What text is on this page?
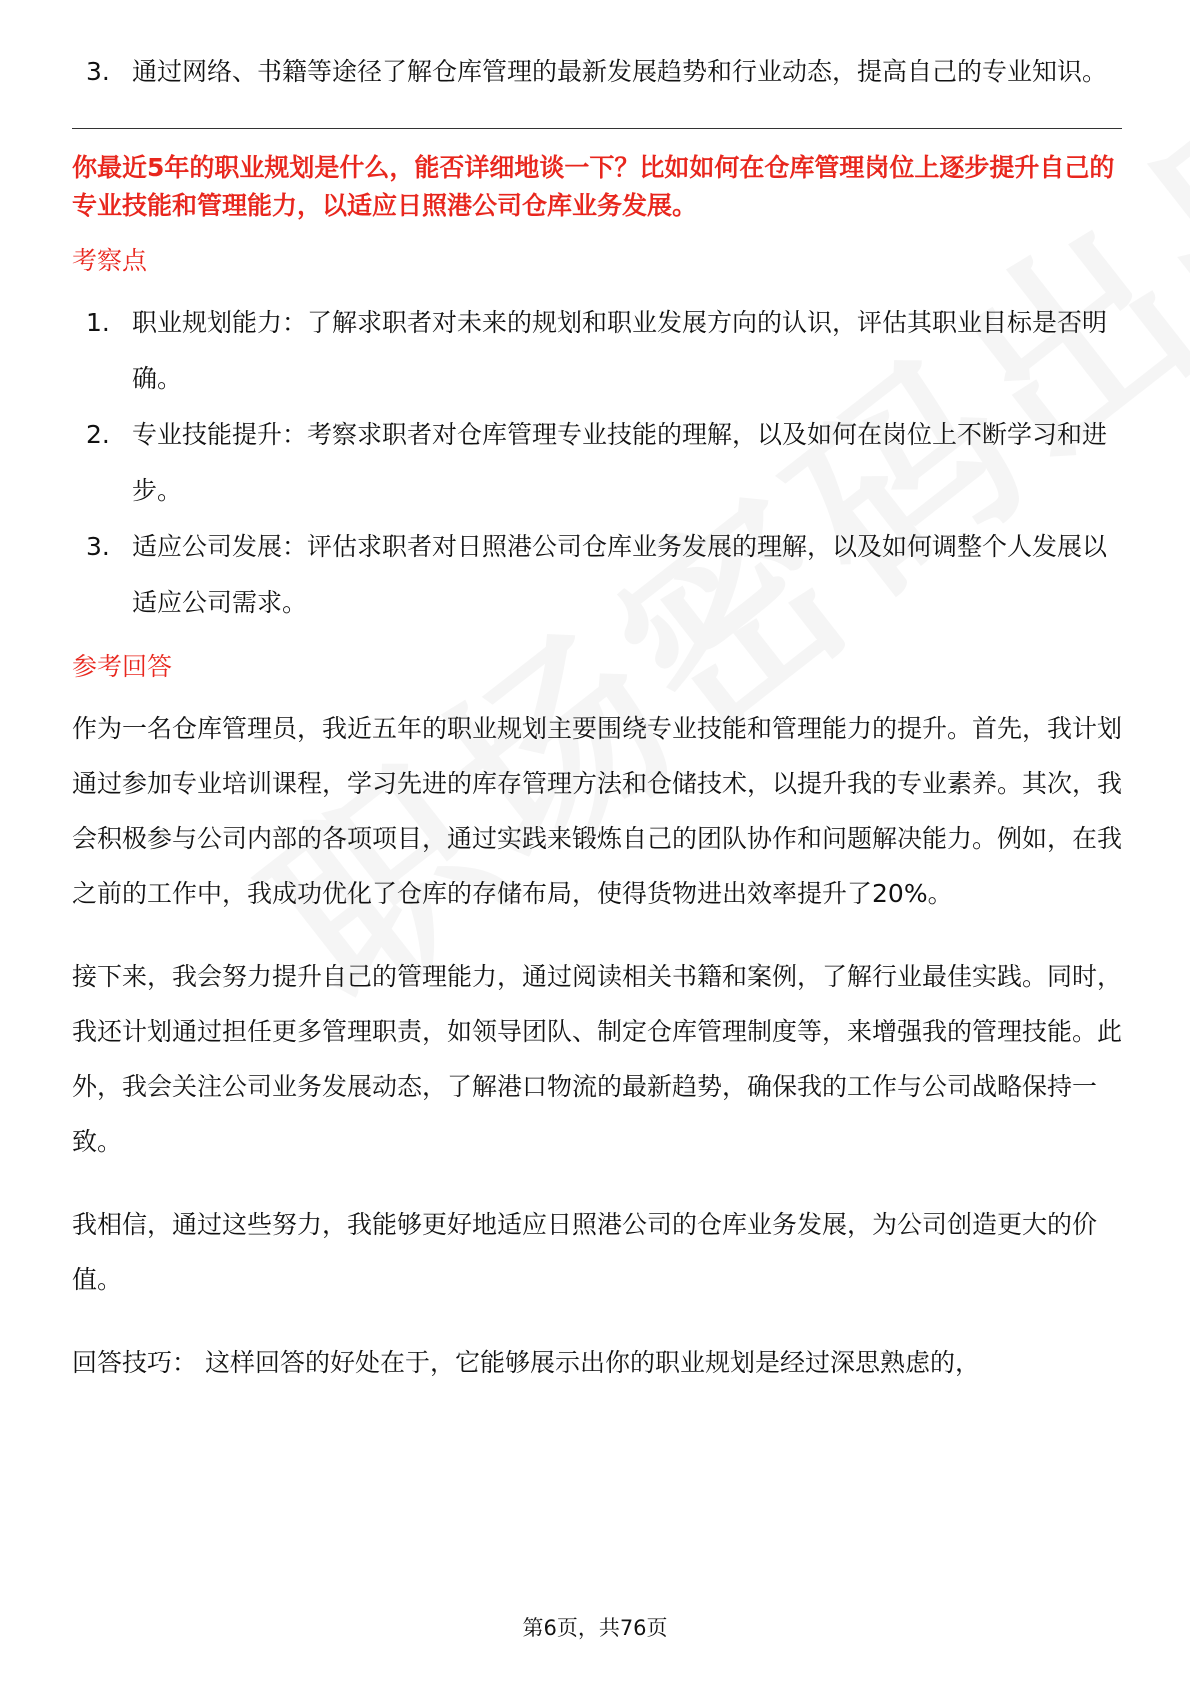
3. 通过网络、书籍等途径了解仓库管理的最新发展趋势和行业动态，提高自己的专业知识。

你最近5年的职业规划是什么，能否详细地谈一下？比如如何在仓库管理岗位上逐步提升自己的专业技能和管理能力，以适应日照港公司仓库业务发展。

考察点
1. 职业规划能力：了解求职者对未来的规划和职业发展方向的认识，评估其职业目标是否明确。
2. 专业技能提升：考察求职者对仓库管理专业技能的理解，以及如何在岗位上不断学习和进步。
3. 适应公司发展：评估求职者对日照港公司仓库业务发展的理解，以及如何调整个人发展以适应公司需求。
参考回答

作为一名仓库管理员，我近五年的职业规划主要围绕专业技能和管理能力的提升。首先，我计划通过参加专业培训课程，学习先进的库存管理方法和仓储技术，以提升我的专业素养。其次，我会积极参与公司内部的各项项目，通过实践来锻炼自己的团队协作和问题解决能力。例如，在我之前的工作中，我成功优化了仓库的存储布局，使得货物进出效率提升了20%。

接下来，我会努力提升自己的管理能力，通过阅读相关书籍和案例，了解行业最佳实践。同时，我还计划通过担任更多管理职责，如领导团队、制定仓库管理制度等，来增强我的管理技能。此外，我会关注公司业务发展动态，了解港口物流的最新趋势，确保我的工作与公司战略保持一致。

我相信，通过这些努力，我能够更好地适应日照港公司的仓库业务发展，为公司创造更大的价值。

回答技巧： 这样回答的好处在于，它能够展示出你的职业规划是经过深思熟虑的，

第6页，共76页
